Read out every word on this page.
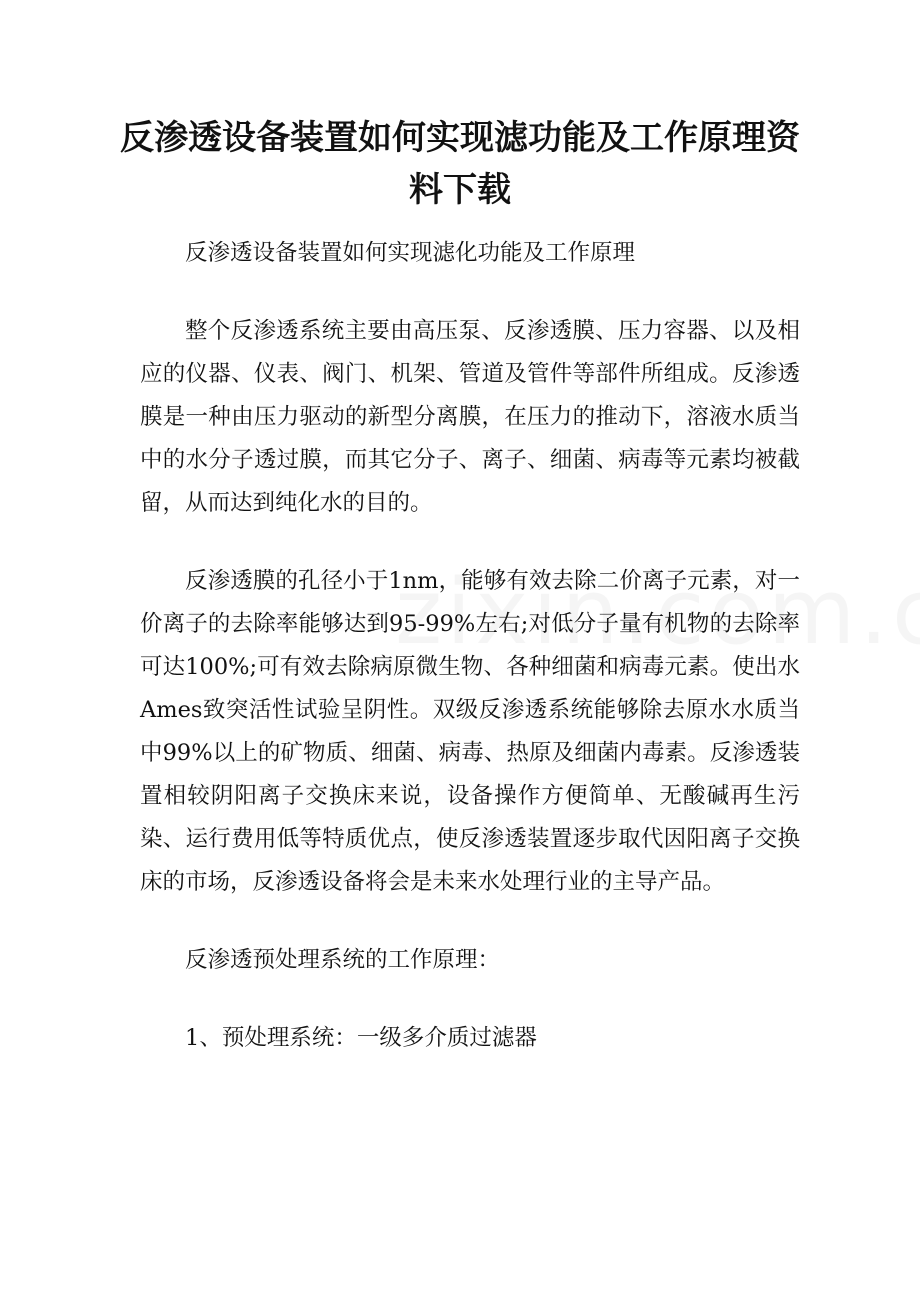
反渗透设备装置如何实现滤功能及工作原理资料下载

反渗透设备装置如何实现滤化功能及工作原理

整个反渗透系统主要由高压泵、反渗透膜、压力容器、以及相应的仪器、仪表、阀门、机架、管道及管件等部件所组成。反渗透膜是一种由压力驱动的新型分离膜，在压力的推动下，溶液水质当中的水分子透过膜，而其它分子、离子、细菌、病毒等元素均被截留，从而达到纯化水的目的。

反渗透膜的孔径小于1nm，能够有效去除二价离子元素，对一价离子的去除率能够达到95-99%左右;对低分子量有机物的去除率可达100%;可有效去除病原微生物、各种细菌和病毒元素。使出水Ames致突活性试验呈阴性。双级反渗透系统能够除去原水水质当中99%以上的矿物质、细菌、病毒、热原及细菌内毒素。反渗透装置相较阴阳离子交换床来说，设备操作方便简单、无酸碱再生污染、运行费用低等特质优点，使反渗透装置逐步取代因阳离子交换床的市场，反渗透设备将会是未来水处理行业的主导产品。

反渗透预处理系统的工作原理：

1、预处理系统：一级多介质过滤器
